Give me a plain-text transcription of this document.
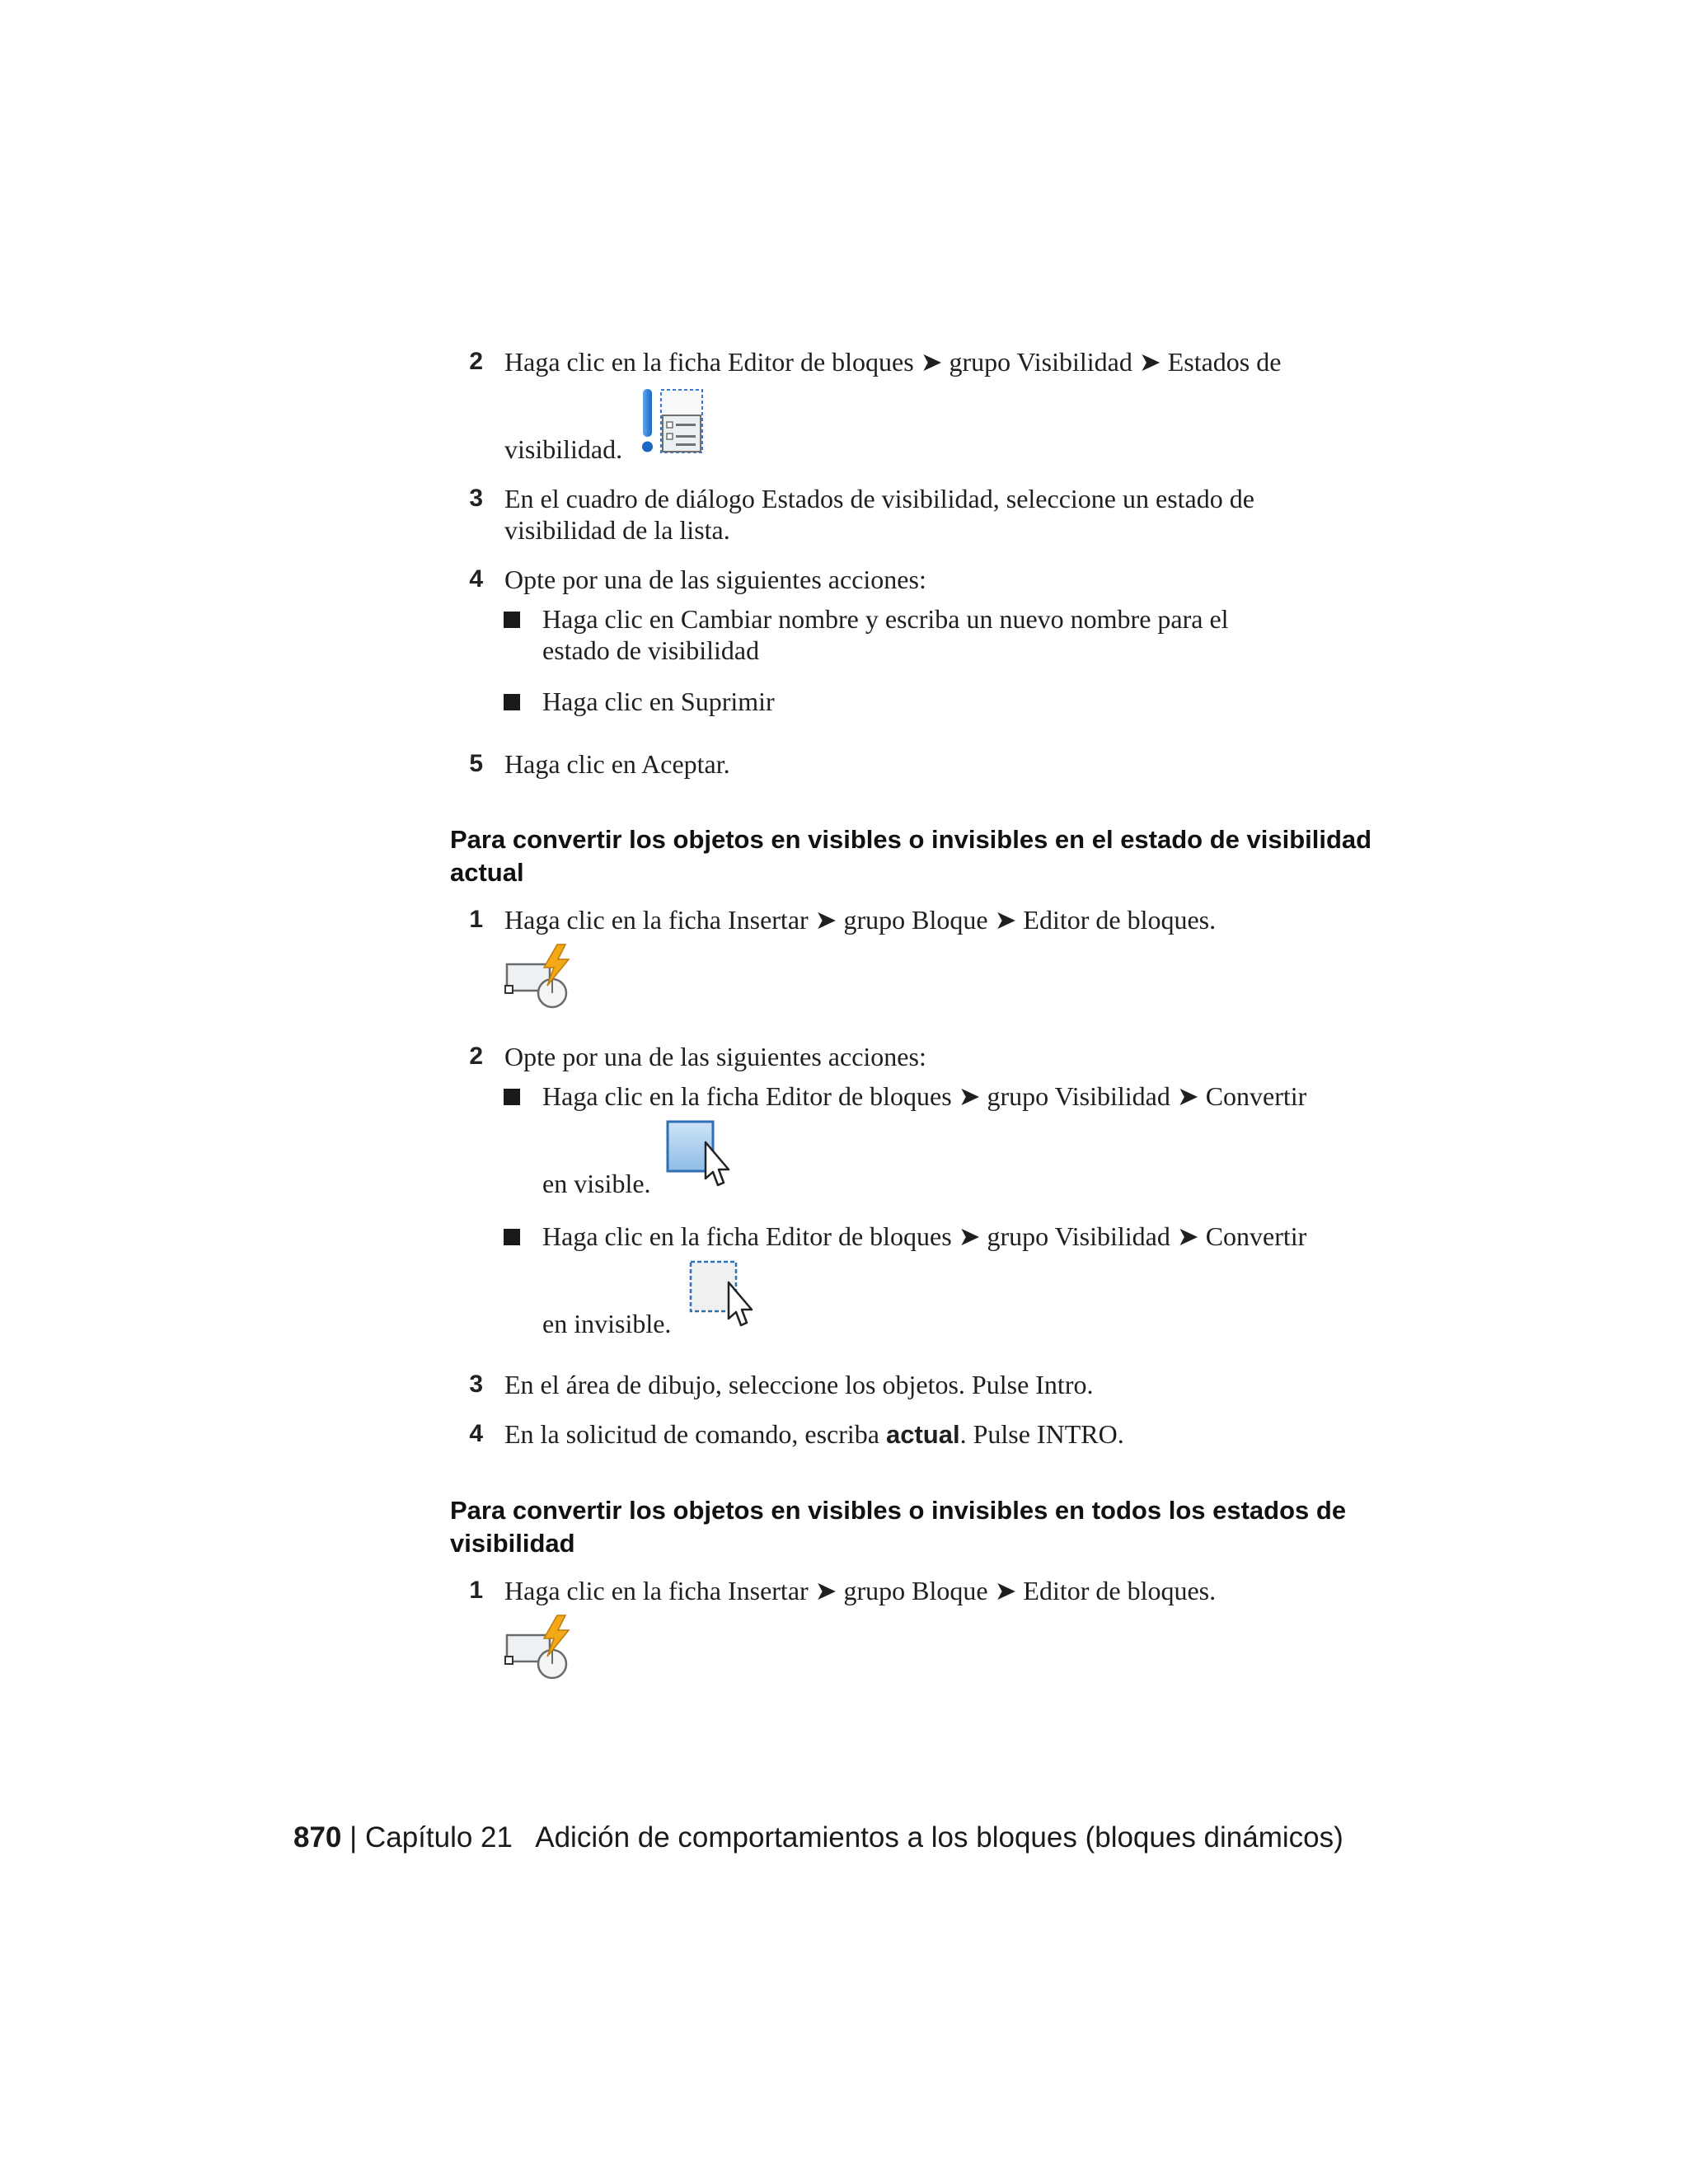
2 Haga clic en la ficha Editor de bloques ➤ grupo Visibilidad ➤ Estados de
visibilidad.
3 En el cuadro de diálogo Estados de visibilidad, seleccione un estado de
visibilidad de la lista.
4 Opte por una de las siguientes acciones:
Haga clic en Cambiar nombre y escriba un nuevo nombre para el
estado de visibilidad
Haga clic en Suprimir
5 Haga clic en Aceptar.
Para convertir los objetos en visibles o invisibles en el estado de visibilidad
actual
1 Haga clic en la ficha Insertar ➤ grupo Bloque ➤ Editor de bloques.
2 Opte por una de las siguientes acciones:
Haga clic en la ficha Editor de bloques ➤ grupo Visibilidad ➤ Convertir
en visible.
Haga clic en la ficha Editor de bloques ➤ grupo Visibilidad ➤ Convertir
en invisible.
3 En el área de dibujo, seleccione los objetos. Pulse Intro.
4 En la solicitud de comando, escriba actual. Pulse INTRO.
Para convertir los objetos en visibles o invisibles en todos los estados de
visibilidad
1 Haga clic en la ficha Insertar ➤ grupo Bloque ➤ Editor de bloques.
870 | Capítulo 21 Adición de comportamientos a los bloques (bloques dinámicos)
